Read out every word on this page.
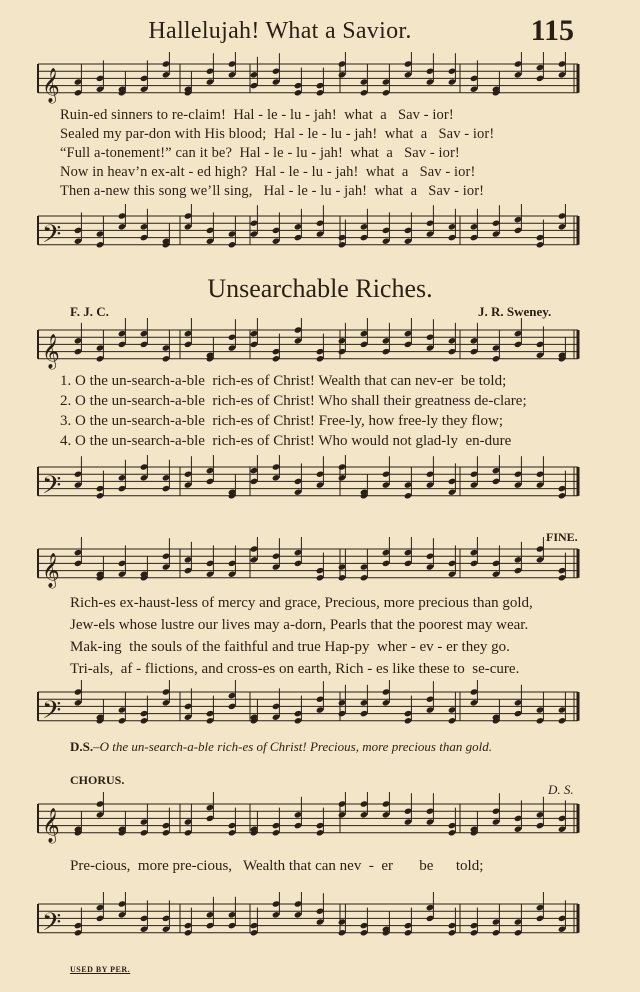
Hallelujah! What a Savior.	115
𝄞
Ruin-ed sinners to re-claim!  Hal - le - lu - jah!  what  a   Sav - ior!
Sealed my par-don with His blood;  Hal - le - lu - jah!  what  a   Sav - ior!
“Full a-tonement!” can it be?  Hal - le - lu - jah!  what  a   Sav - ior!
Now in heav’n ex-alt - ed high?  Hal - le - lu - jah!  what  a   Sav - ior!
Then a-new this song we’ll sing,   Hal - le - lu - jah!  what  a   Sav - ior!
𝄢
Unsearchable Riches.
F. J. C.	J. R. Sweney.
𝄞
1. O the un-search-a-ble  rich-es of Christ! Wealth that can nev-er  be told;
2. O the un-search-a-ble  rich-es of Christ! Who shall their greatness de-clare;
3. O the un-search-a-ble  rich-es of Christ! Free-ly, how free-ly they flow;
4. O the un-search-a-ble  rich-es of Christ! Who would not glad-ly  en-dure
𝄢
FINE.
𝄞
Rich-es ex-haust-less of mercy and grace, Precious, more precious than gold,
Jew-els whose lustre our lives may a-dorn, Pearls that the poorest may wear.
Mak-ing  the souls of the faithful and true Hap-py  wher - ev - er they go.
Tri-als,  af - flictions, and cross-es on earth, Rich - es like these to  se-cure.
𝄢
D.S.–O the un-search-a-ble rich-es of Christ! Precious, more precious than gold.
CHORUS.
D. S.
𝄞
Pre-cious,  more pre-cious,   Wealth that can nev  -  er       be      told;
𝄢
USED BY PER.
